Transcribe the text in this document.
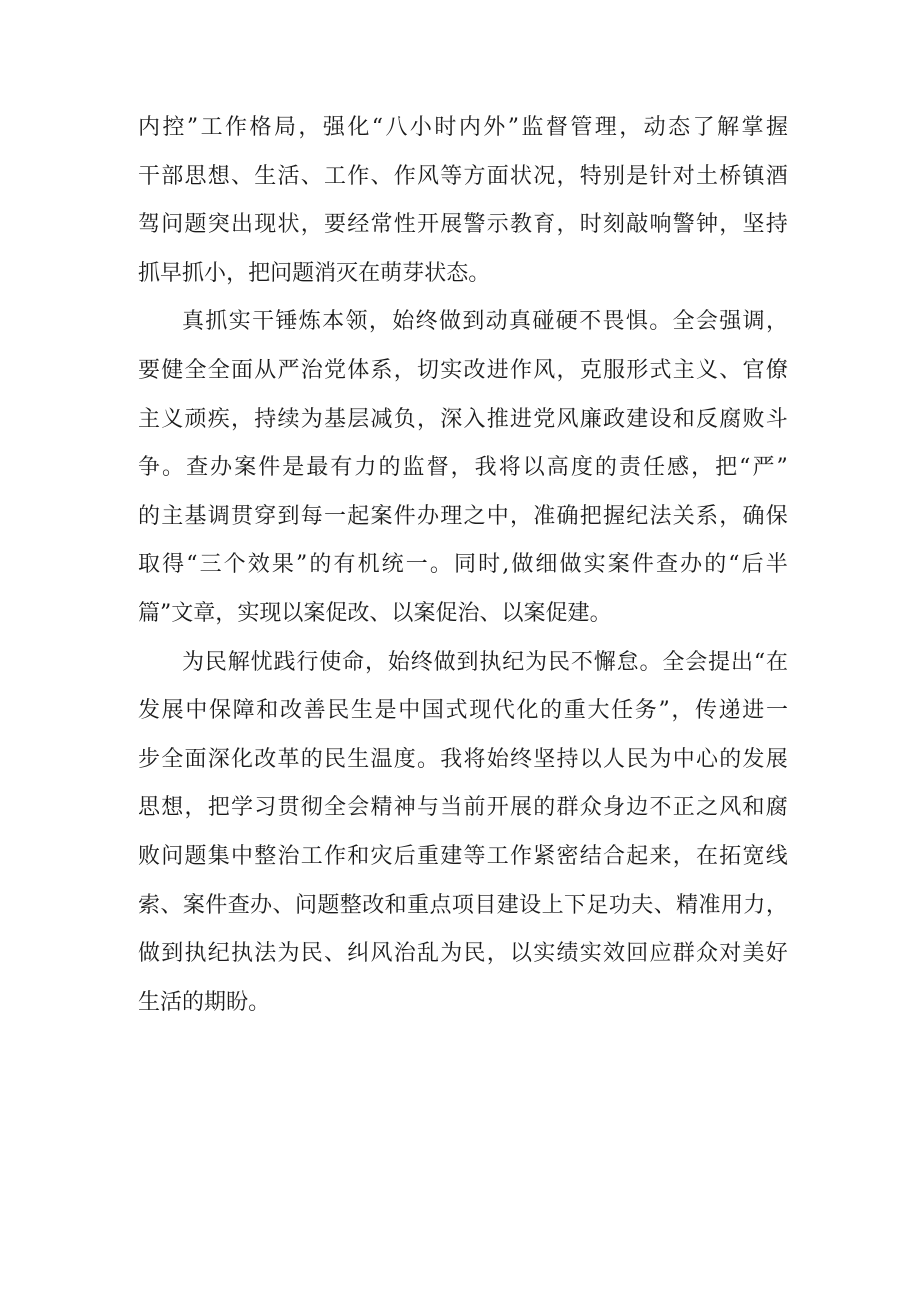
内 控 ” 工 作 格 局 ， 强 化 “ 八 小 时 内 外 ” 监 督 管 理 ， 动 态 了 解 掌 握
干 部 思 想 、 生 活 、 工 作 、 作 风 等 方 面 状 况 ， 特 别 是 针 对 土 桥 镇 酒
驾 问 题 突 出 现 状 ， 要 经 常 性 开 展 警 示 教 育 ， 时 刻 敲 响 警 钟 ， 坚 持
抓 早 抓 小 ， 把 问 题 消 灭 在 萌 芽 状 态 。
真 抓 实 干 锤 炼 本 领 ， 始 终 做 到 动 真 碰 硬 不 畏 惧 。 全 会 强 调 ，
要 健 全 全 面 从 严 治 党 体 系 ， 切 实 改 进 作 风 ， 克 服 形 式 主 义 、 官 僚
主 义 顽 疾 ， 持 续 为 基 层 减 负 ， 深 入 推 进 党 风 廉 政 建 设 和 反 腐 败 斗
争 。 查 办 案 件 是 最 有 力 的 监 督 ， 我 将 以 高 度 的 责 任 感 ， 把 “ 严 ”
的 主 基 调 贯 穿 到 每 一 起 案 件 办 理 之 中 ， 准 确 把 握 纪 法 关 系 ， 确 保
取 得 “ 三 个 效 果 ” 的 有 机 统 一 。 同 时 , 做 细 做 实 案 件 查 办 的 “ 后 半
篇 ” 文 章 ， 实 现 以 案 促 改 、 以 案 促 治 、 以 案 促 建 。
为 民 解 忧 践 行 使 命 ， 始 终 做 到 执 纪 为 民 不 懈 怠 。 全 会 提 出 “ 在
发 展 中 保 障 和 改 善 民 生 是 中 国 式 现 代 化 的 重 大 任 务 ” ， 传 递 进 一
步 全 面 深 化 改 革 的 民 生 温 度 。 我 将 始 终 坚 持 以 人 民 为 中 心 的 发 展
思 想 ， 把 学 习 贯 彻 全 会 精 神 与 当 前 开 展 的 群 众 身 边 不 正 之 风 和 腐
败 问 题 集 中 整 治 工 作 和 灾 后 重 建 等 工 作 紧 密 结 合 起 来 ， 在 拓 宽 线
索 、 案 件 查 办 、 问 题 整 改 和 重 点 项 目 建 设 上 下 足 功 夫 、 精 准 用 力 ，
做 到 执 纪 执 法 为 民 、 纠 风 治 乱 为 民 ， 以 实 绩 实 效 回 应 群 众 对 美 好
生 活 的 期 盼 。
